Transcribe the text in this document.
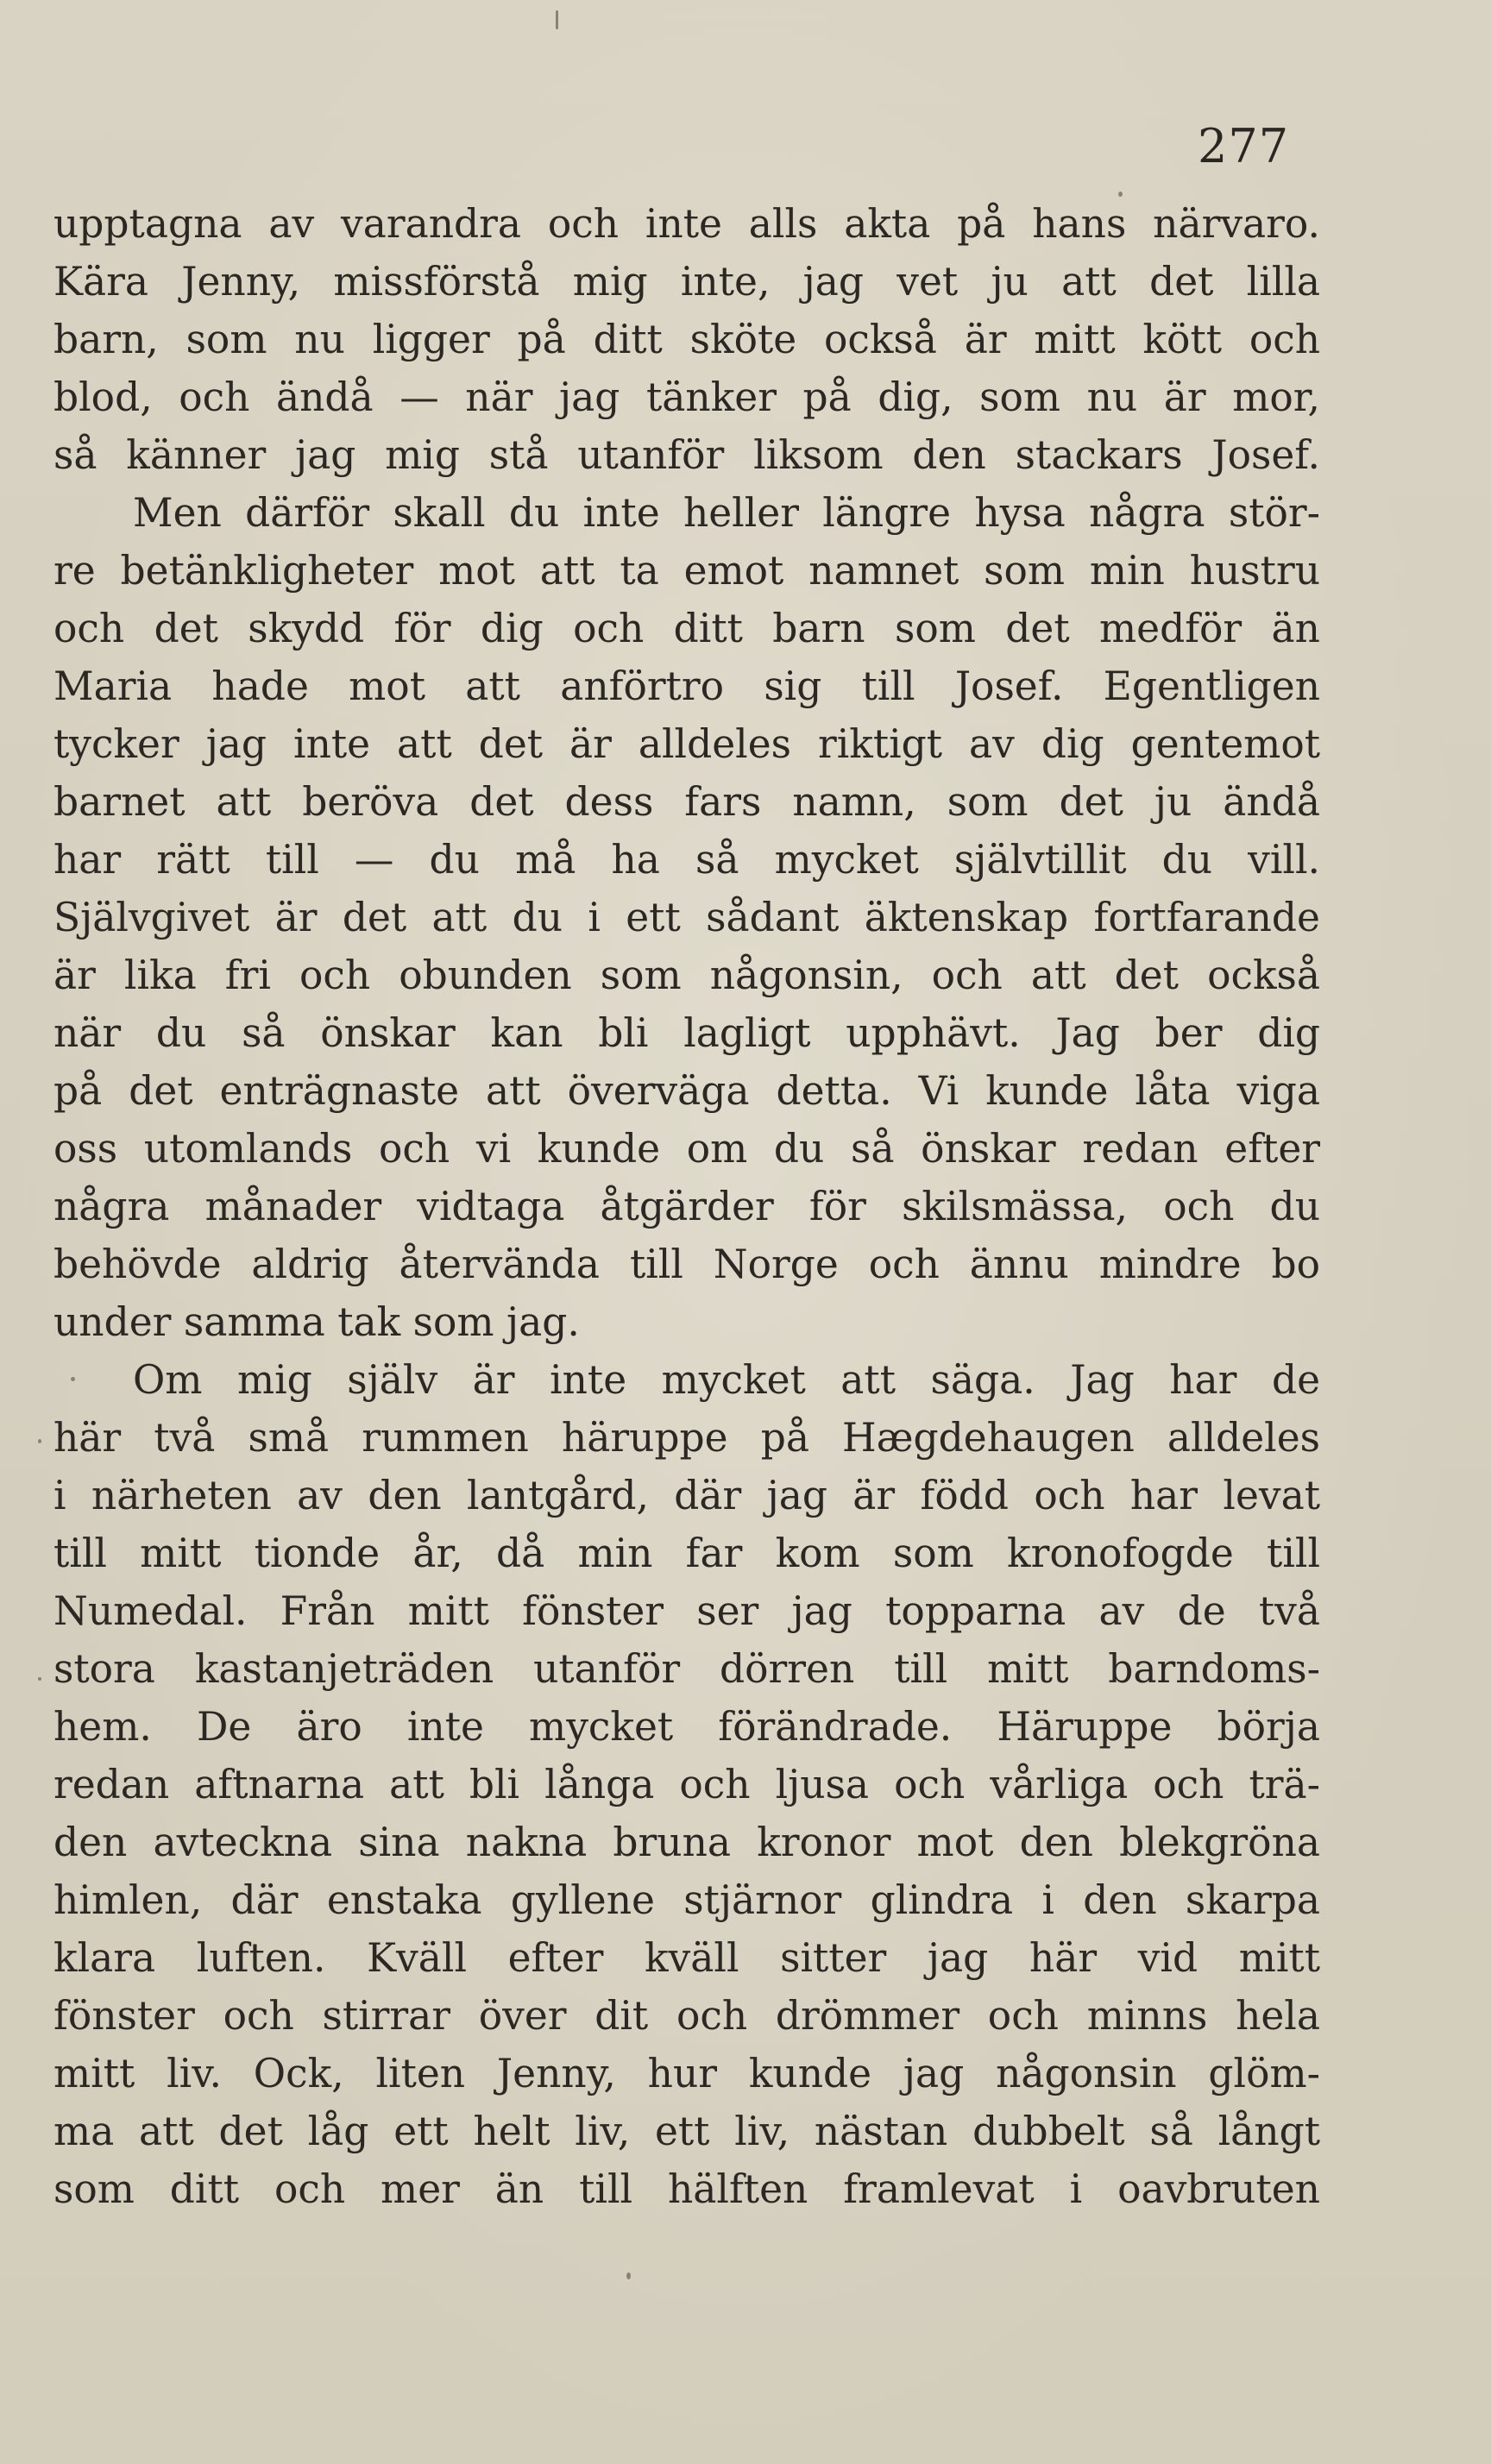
277
upptagna av varandra och inte alls akta på hans närvaro.
Kära Jenny, missförstå mig inte, jag vet ju att det lilla
barn, som nu ligger på ditt sköte också är mitt kött och
blod, och ändå — när jag tänker på dig, som nu är mor,
så känner jag mig stå utanför liksom den stackars Josef.
Men därför skall du inte heller längre hysa några stör-
re betänkligheter mot att ta emot namnet som min hustru
och det skydd för dig och ditt barn som det medför än
Maria hade mot att anförtro sig till Josef. Egentligen
tycker jag inte att det är alldeles riktigt av dig gentemot
barnet att beröva det dess fars namn, som det ju ändå
har rätt till — du må ha så mycket självtillit du vill.
Självgivet är det att du i ett sådant äktenskap fortfarande
är lika fri och obunden som någonsin, och att det också
när du så önskar kan bli lagligt upphävt. Jag ber dig
på det enträgnaste att överväga detta. Vi kunde låta viga
oss utomlands och vi kunde om du så önskar redan efter
några månader vidtaga åtgärder för skilsmässa, och du
behövde aldrig återvända till Norge och ännu mindre bo
under samma tak som jag.
Om mig själv är inte mycket att säga. Jag har de
här två små rummen häruppe på Hægdehaugen alldeles
i närheten av den lantgård, där jag är född och har levat
till mitt tionde år, då min far kom som kronofogde till
Numedal. Från mitt fönster ser jag topparna av de två
stora kastanjeträden utanför dörren till mitt barndoms-
hem. De äro inte mycket förändrade. Häruppe börja
redan aftnarna att bli långa och ljusa och vårliga och trä-
den avteckna sina nakna bruna kronor mot den blekgröna
himlen, där enstaka gyllene stjärnor glindra i den skarpa
klara luften. Kväll efter kväll sitter jag här vid mitt
fönster och stirrar över dit och drömmer och minns hela
mitt liv. Ock, liten Jenny, hur kunde jag någonsin glöm-
ma att det låg ett helt liv, ett liv, nästan dubbelt så långt
som ditt och mer än till hälften framlevat i oavbruten
